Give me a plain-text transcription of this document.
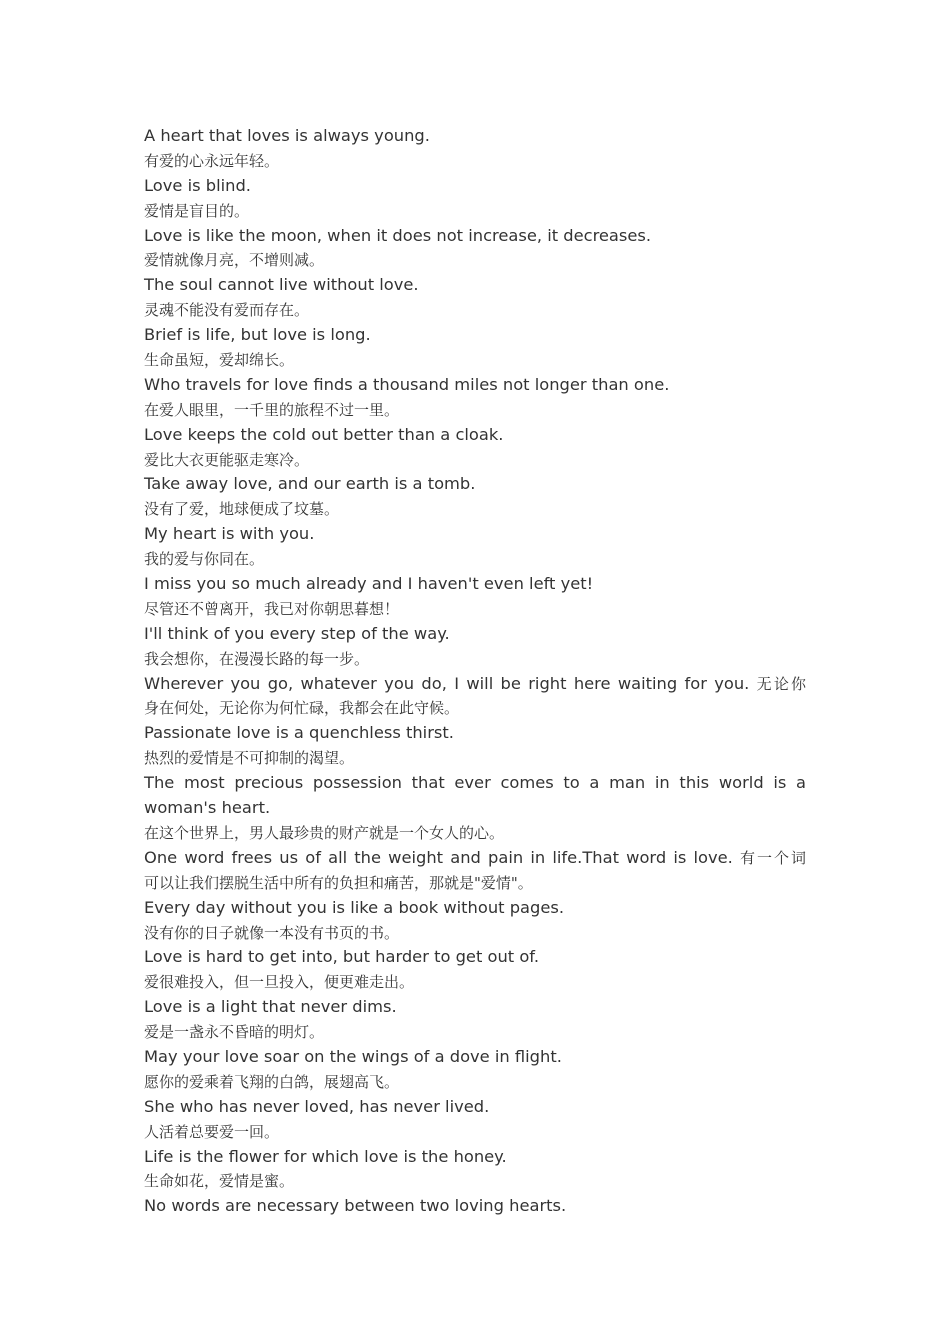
A heart that loves is always young.
有爱的心永远年轻。
Love is blind.
爱情是盲目的。
Love is like the moon, when it does not increase, it decreases.
爱情就像月亮，不增则减。
The soul cannot live without love.
灵魂不能没有爱而存在。
Brief is life, but love is long.
生命虽短，爱却绵长。
Who travels for love finds a thousand miles not longer than one.
在爱人眼里，一千里的旅程不过一里。
Love keeps the cold out better than a cloak.
爱比大衣更能驱走寒冷。
Take away love, and our earth is a tomb.
没有了爱，地球便成了坟墓。
My heart is with you.
我的爱与你同在。
I miss you so much already and I haven't even left yet!
尽管还不曾离开，我已对你朝思暮想！
I'll think of you every step of the way.
我会想你，在漫漫长路的每一步。
Wherever you go, whatever you do, I will be right here waiting for you. 无论你
身在何处，无论你为何忙碌，我都会在此守候。
Passionate love is a quenchless thirst.
热烈的爱情是不可抑制的渴望。
The most precious possession that ever comes to a man in this world is a
woman's heart.
在这个世界上，男人最珍贵的财产就是一个女人的心。
One word frees us of all the weight and pain in life.That word is love. 有一个词
可以让我们摆脱生活中所有的负担和痛苦，那就是"爱情"。
Every day without you is like a book without pages.
没有你的日子就像一本没有书页的书。
Love is hard to get into, but harder to get out of.
爱很难投入，但一旦投入，便更难走出。
Love is a light that never dims.
爱是一盏永不昏暗的明灯。
May your love soar on the wings of a dove in flight.
愿你的爱乘着飞翔的白鸽，展翅高飞。
She who has never loved, has never lived.
人活着总要爱一回。
Life is the flower for which love is the honey.
生命如花，爱情是蜜。
No words are necessary between two loving hearts.
